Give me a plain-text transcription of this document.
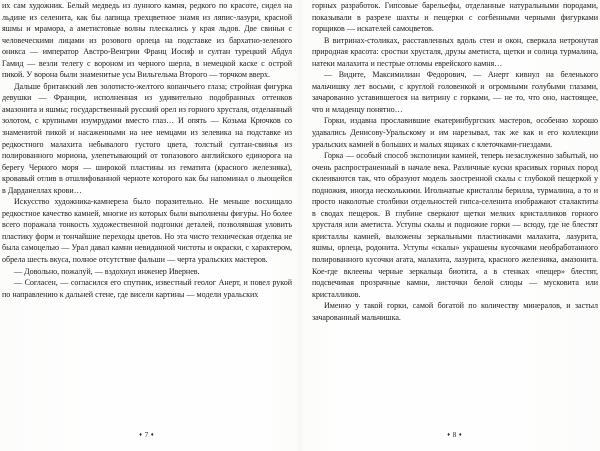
их сам художник. Белый медведь из лунного камня, редкого по красоте, сидел на льдине из селенита, как бы лапища трехцветное знамя из ляпис-лазури, красной яшмы и мрамора, а аметистовые волны плескались у края льдов. Две свиньи с человеческими лицами из розового орлеца на подставке из бархатно-зеленого оникса — император Австро-Венгрии Франц Иосиф и султан турецкий Абдул Гамид — везли телегу с вороном из черного шерла, в немецкой каске с острой пикой. У ворона были знаменитые усы Вильгельма Второго — торчком вверх.

Дальше британский лев золотисто-желтого копанчьего глаза; стройная фигурка девушки — Франции, исполненная из удивительно подобранных оттенков амазонита и яшмы; государственный русский орел из горного хрусталя, отделанный золотом, с крупными изумрудами вместо глаз… И опять — Козьма Крючков со знаменитой пикой и насаженными на нее немцами из зелевика на подставке из редкостного малахита небывалого густого цвета, толстый султан-свинья из полированного мориона, улепетывающий от топазового английского единорога на берегу Черного моря — широкой пластины из гематита (красного железняка), кровавый отлив в отшлифованной черноте которого как бы напоминал о льющейся в Дарданеллах крови…

Искусство художника-камнереза было поразительно. Не меньше восхищало редкостное качество камней, многие из которых были выполнены фигуры. Но более всего поражала тонкость художественной подгонки деталей, позволявшая уловить пластику форм и тончайшие переходы цветов. Но эта чисто техническая отделка не была самоцелью — Урал давал камни невиданной чистоты и окраски, с характером, обрела шесть вкуса, полное отсутствие фальши — черта уральских мастеров.

— Довольно, пожалуй, — вздохнул инженер Ивернев.

— Согласен, — согласился его спутник, известный геолог Анерт, и повел рукой по направлению к дальней стене, где висели картины — модели уральских

♦ 7 ♦

горных разработок. Гипсовые барельефы, отделанные натуральными породами, показывали в разрезе шахты и пещерки с согбенными черными фигурками горщиков — искателей самоцветов.

В витринах-столиках, расставленных вдоль стен и окон, сверкала нетронутая природная красота: сростки хрусталя, друзы аметиста, щетки и солнца турмалина, натеки малахита и пестрые отломы еврейского камня…

— Видите, Максимилиан Федорович, — Анерт кивнул на беленького мальчишку лет восьми, с круглой головенкой и огромными голубыми глазами, зачарованно уставившегося на витрину с горками, — не то, что оно, настоящее, что и младенцу понятно…

Горки, издавна прославившие екатеринбургских мастеров, особенно хорошо удавались Денисову-Уральскому и им нарезывал, так же как и его коллекции уральских камней в больших и малых ящиках с клеточками-гнездами.

Горка — особый способ экспозиции камней, теперь незаслуженно забытый, но очень распространенный в начале века. Различные куски красивых горных пород склеиваются так, что образуют модель заостренной скалы с глубокой пещеркой у подножия, иногда несколькими. Игольчатые кристаллы берилла, турмалина, а то и просто наколотые столбики отдельностей гипса-селенита изображают сталактиты в сводах пещерок. В глубине сверкают щетки мелких кристалликов горного хрусталя или аметиста. Уступы скалы и подножие горки — всюду, где не блестят кристаллы камней, выложены зеркальными пластинками малахита, лазурита, яшмы, орлеца, родонита. Уступы «скалы» украшены кусочками необработанного полированного кусочки агата, малахита, лазурита, красного железняка, амазонита. Кое-где вклеены черные зеркальца биотита, а в стенках «пещер» блестят, подсвечивая прозрачные камни, листочки белой слюды — мусковита или кристалликов.

Именно у такой горки, самой богатой по количеству минералов, и застыл зачарованный мальчишка.

♦ 8 ♦
